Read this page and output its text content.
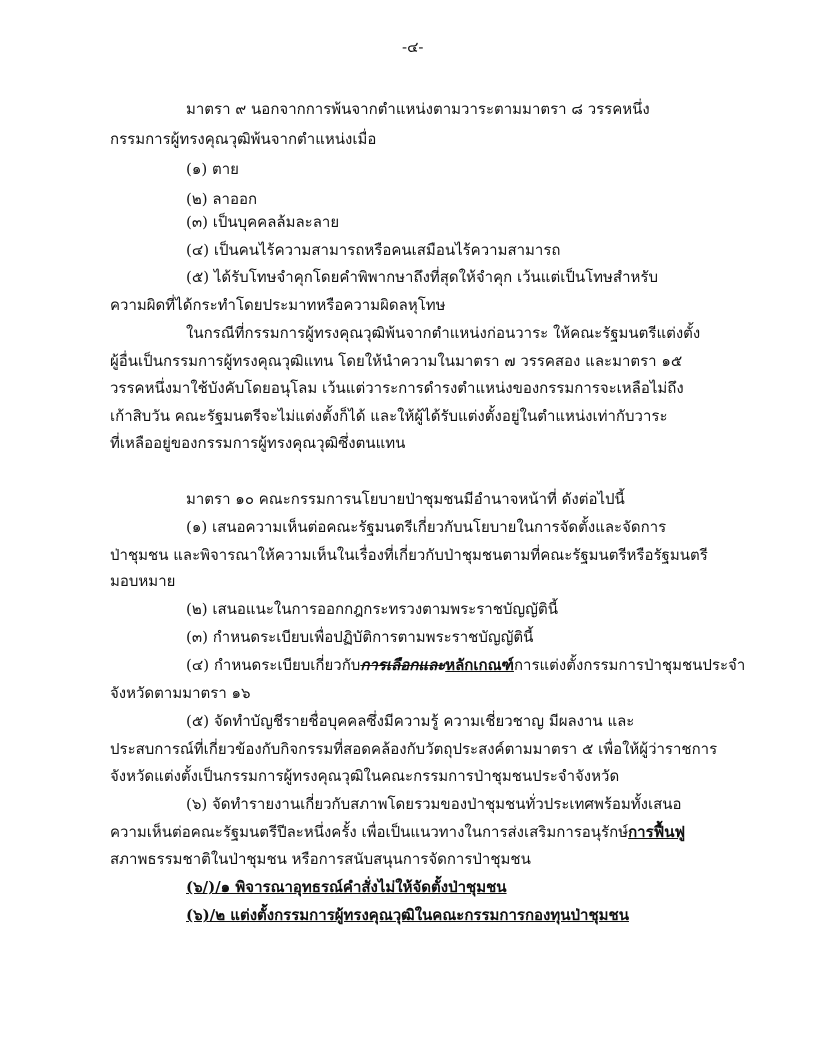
-๔-
มาตรา ๙ นอกจากการพ้นจากตำแหน่งตามวาระตามมาตรา ๘ วรรคหนึ่ง
กรรมการผู้ทรงคุณวุฒิพ้นจากตำแหน่งเมื่อ
(๑) ตาย
(๒) ลาออก
(๓) เป็นบุคคลล้มละลาย
(๔) เป็นคนไร้ความสามารถหรือคนเสมือนไร้ความสามารถ
(๕) ได้รับโทษจำคุกโดยคำพิพากษาถึงที่สุดให้จำคุก เว้นแต่เป็นโทษสำหรับ
ความผิดที่ได้กระทำโดยประมาทหรือความผิดลหุโทษ
ในกรณีที่กรรมการผู้ทรงคุณวุฒิพ้นจากตำแหน่งก่อนวาระ ให้คณะรัฐมนตรีแต่งตั้ง
ผู้อื่นเป็นกรรมการผู้ทรงคุณวุฒิแทน โดยให้นำความในมาตรา ๗ วรรคสอง และมาตรา ๑๕
วรรคหนึ่งมาใช้บังคับโดยอนุโลม เว้นแต่วาระการดำรงตำแหน่งของกรรมการจะเหลือไม่ถึง
เก้าสิบวัน คณะรัฐมนตรีจะไม่แต่งตั้งก็ได้ และให้ผู้ได้รับแต่งตั้งอยู่ในตำแหน่งเท่ากับวาระ
ที่เหลืออยู่ของกรรมการผู้ทรงคุณวุฒิซึ่งตนแทน
มาตรา ๑๐ คณะกรรมการนโยบายป่าชุมชนมีอำนาจหน้าที่ ดังต่อไปนี้
(๑) เสนอความเห็นต่อคณะรัฐมนตรีเกี่ยวกับนโยบายในการจัดตั้งและจัดการ
ป่าชุมชน และพิจารณาให้ความเห็นในเรื่องที่เกี่ยวกับป่าชุมชนตามที่คณะรัฐมนตรีหรือรัฐมนตรี
มอบหมาย
(๒) เสนอแนะในการออกกฎกระทรวงตามพระราชบัญญัตินี้
(๓) กำหนดระเบียบเพื่อปฏิบัติการตามพระราชบัญญัตินี้
(๔) กำหนดระเบียบเกี่ยวกับการเลือกและหลักเกณฑ์การแต่งตั้งกรรมการป่าชุมชนประจำ
จังหวัดตามมาตรา ๑๖
(๕) จัดทำบัญชีรายชื่อบุคคลซึ่งมีความรู้ ความเชี่ยวชาญ มีผลงาน และ
ประสบการณ์ที่เกี่ยวข้องกับกิจกรรมที่สอดคล้องกับวัตถุประสงค์ตามมาตรา ๕ เพื่อให้ผู้ว่าราชการ
จังหวัดแต่งตั้งเป็นกรรมการผู้ทรงคุณวุฒิในคณะกรรมการป่าชุมชนประจำจังหวัด
(๖) จัดทำรายงานเกี่ยวกับสภาพโดยรวมของป่าชุมชนทั่วประเทศพร้อมทั้งเสนอ
ความเห็นต่อคณะรัฐมนตรีปีละหนึ่งครั้ง เพื่อเป็นแนวทางในการส่งเสริมการอนุรักษ์การฟื้นฟู
สภาพธรรมชาติในป่าชุมชน หรือการสนับสนุนการจัดการป่าชุมชน
(๖/)/๑ พิจารณาอุทธรณ์คำสั่งไม่ให้จัดตั้งป่าชุมชน
(๖)/๒ แต่งตั้งกรรมการผู้ทรงคุณวุฒิในคณะกรรมการกองทุนป่าชุมชน
